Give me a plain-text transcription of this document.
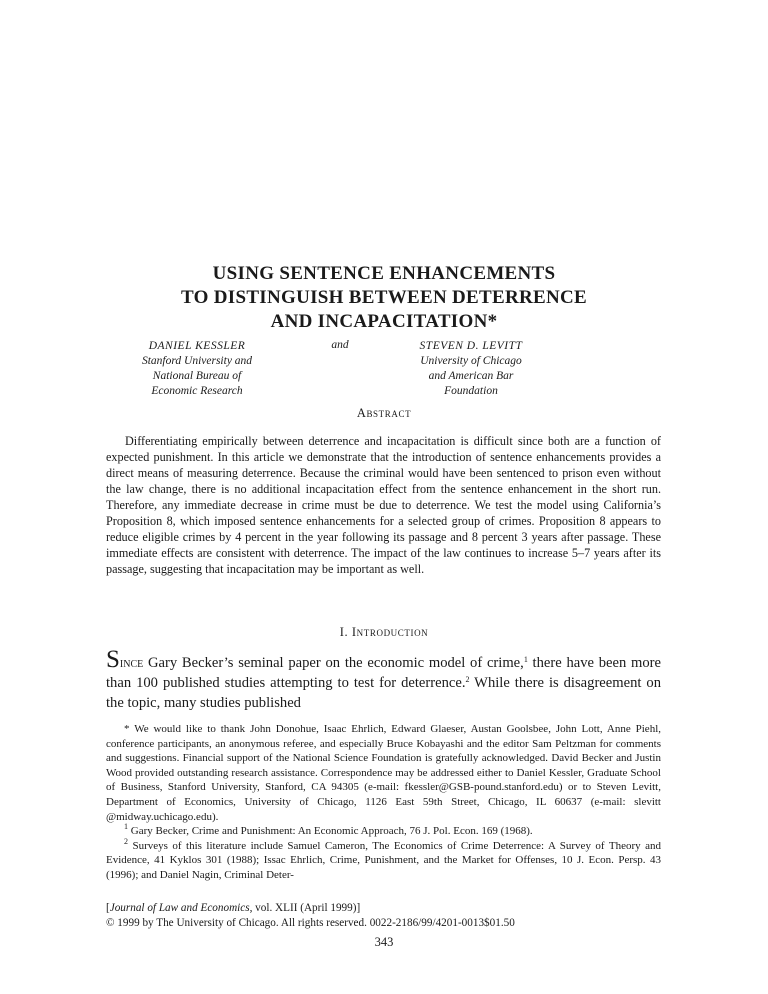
USING SENTENCE ENHANCEMENTS
TO DISTINGUISH BETWEEN DETERRENCE
AND INCAPACITATION*
DANIEL KESSLER
Stanford University and
National Bureau of
Economic Research
and	STEVEN D. LEVITT
University of Chicago
and American Bar
Foundation
Abstract

Differentiating empirically between deterrence and incapacitation is difficult since both are a function of expected punishment. In this article we demonstrate that the introduction of sentence enhancements provides a direct means of measuring deterrence. Because the criminal would have been sentenced to prison even without the law change, there is no additional incapacitation effect from the sentence enhancement in the short run. Therefore, any immediate decrease in crime must be due to deterrence. We test the model using California’s Proposition 8, which imposed sentence enhancements for a selected group of crimes. Proposition 8 appears to reduce eligible crimes by 4 percent in the year following its passage and 8 percent 3 years after passage. These immediate effects are consistent with deterrence. The impact of the law continues to increase 5–7 years after its passage, suggesting that incapacitation may be important as well.

I. Introduction

Since Gary Becker’s seminal paper on the economic model of crime,$^1$ there have been more than 100 published studies attempting to test for deterrence.$^2$ While there is disagreement on the topic, many studies published

* We would like to thank John Donohue, Isaac Ehrlich, Edward Glaeser, Austan Goolsbee, John Lott, Anne Piehl, conference participants, an anonymous referee, and especially Bruce Kobayashi and the editor Sam Peltzman for comments and suggestions. Financial support of the National Science Foundation is gratefully acknowledged. David Becker and Justin Wood provided outstanding research assistance. Correspondence may be addressed either to Daniel Kessler, Graduate School of Business, Stanford University, Stanford, CA 94305 (e-mail: fkessler@GSB-pound.stanford.edu) or to Steven Levitt, Department of Economics, University of Chicago, 1126 East 59th Street, Chicago, IL 60637 (e-mail: slevitt @midway.uchicago.edu).

$^1$ Gary Becker, Crime and Punishment: An Economic Approach, 76 J. Pol. Econ. 169 (1968).

$^2$ Surveys of this literature include Samuel Cameron, The Economics of Crime Deterrence: A Survey of Theory and Evidence, 41 Kyklos 301 (1988); Issac Ehrlich, Crime, Punishment, and the Market for Offenses, 10 J. Econ. Persp. 43 (1996); and Daniel Nagin, Criminal Deter-

[Journal of Law and Economics, vol. XLII (April 1999)]
© 1999 by The University of Chicago. All rights reserved. 0022-2186/99/4201-0013$01.50
343
